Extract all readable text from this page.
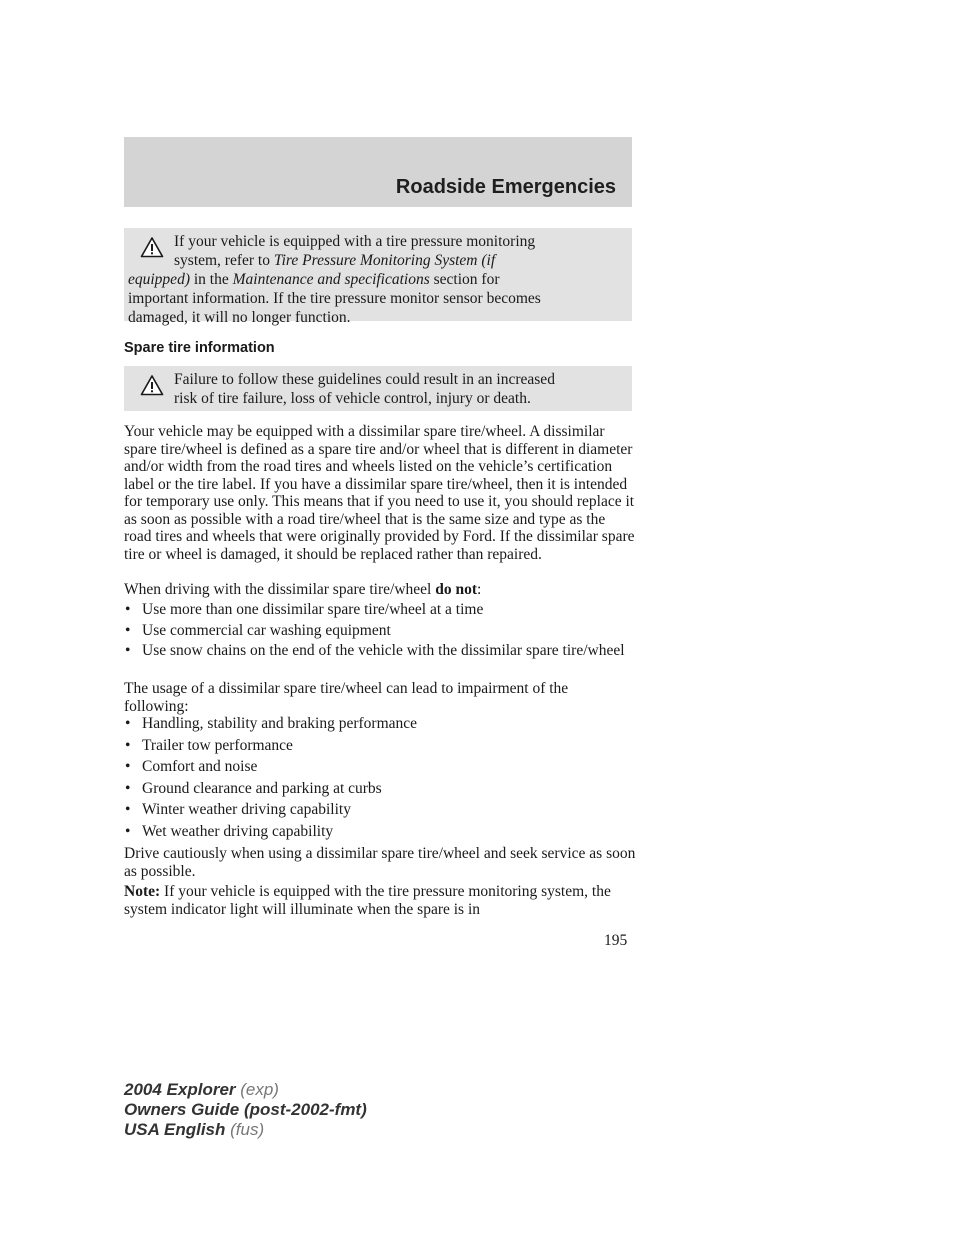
Roadside Emergencies
If your vehicle is equipped with a tire pressure monitoring
system, refer to Tire Pressure Monitoring System (if
equipped) in the Maintenance and specifications section for
important information. If the tire pressure monitor sensor becomes
damaged, it will no longer function.
Spare tire information
Failure to follow these guidelines could result in an increased
risk of tire failure, loss of vehicle control, injury or death.

Your vehicle may be equipped with a dissimilar spare tire/wheel. A dissimilar spare tire/wheel is defined as a spare tire and/or wheel that is different in diameter and/or width from the road tires and wheels listed on the vehicle’s certification label or the tire label. If you have a dissimilar spare tire/wheel, then it is intended for temporary use only. This means that if you need to use it, you should replace it as soon as possible with a road tire/wheel that is the same size and type as the road tires and wheels that were originally provided by Ford. If the dissimilar spare tire or wheel is damaged, it should be replaced rather than repaired.

When driving with the dissimilar spare tire/wheel do not:

• Use more than one dissimilar spare tire/wheel at a time
• Use commercial car washing equipment
• Use snow chains on the end of the vehicle with the dissimilar spare tire/wheel

The usage of a dissimilar spare tire/wheel can lead to impairment of the following:

• Handling, stability and braking performance
• Trailer tow performance
• Comfort and noise
• Ground clearance and parking at curbs
• Winter weather driving capability
• Wet weather driving capability

Drive cautiously when using a dissimilar spare tire/wheel and seek service as soon as possible.

Note: If your vehicle is equipped with the tire pressure monitoring system, the system indicator light will illuminate when the spare is in

195
2004 Explorer (exp)
Owners Guide (post-2002-fmt)
USA English (fus)
